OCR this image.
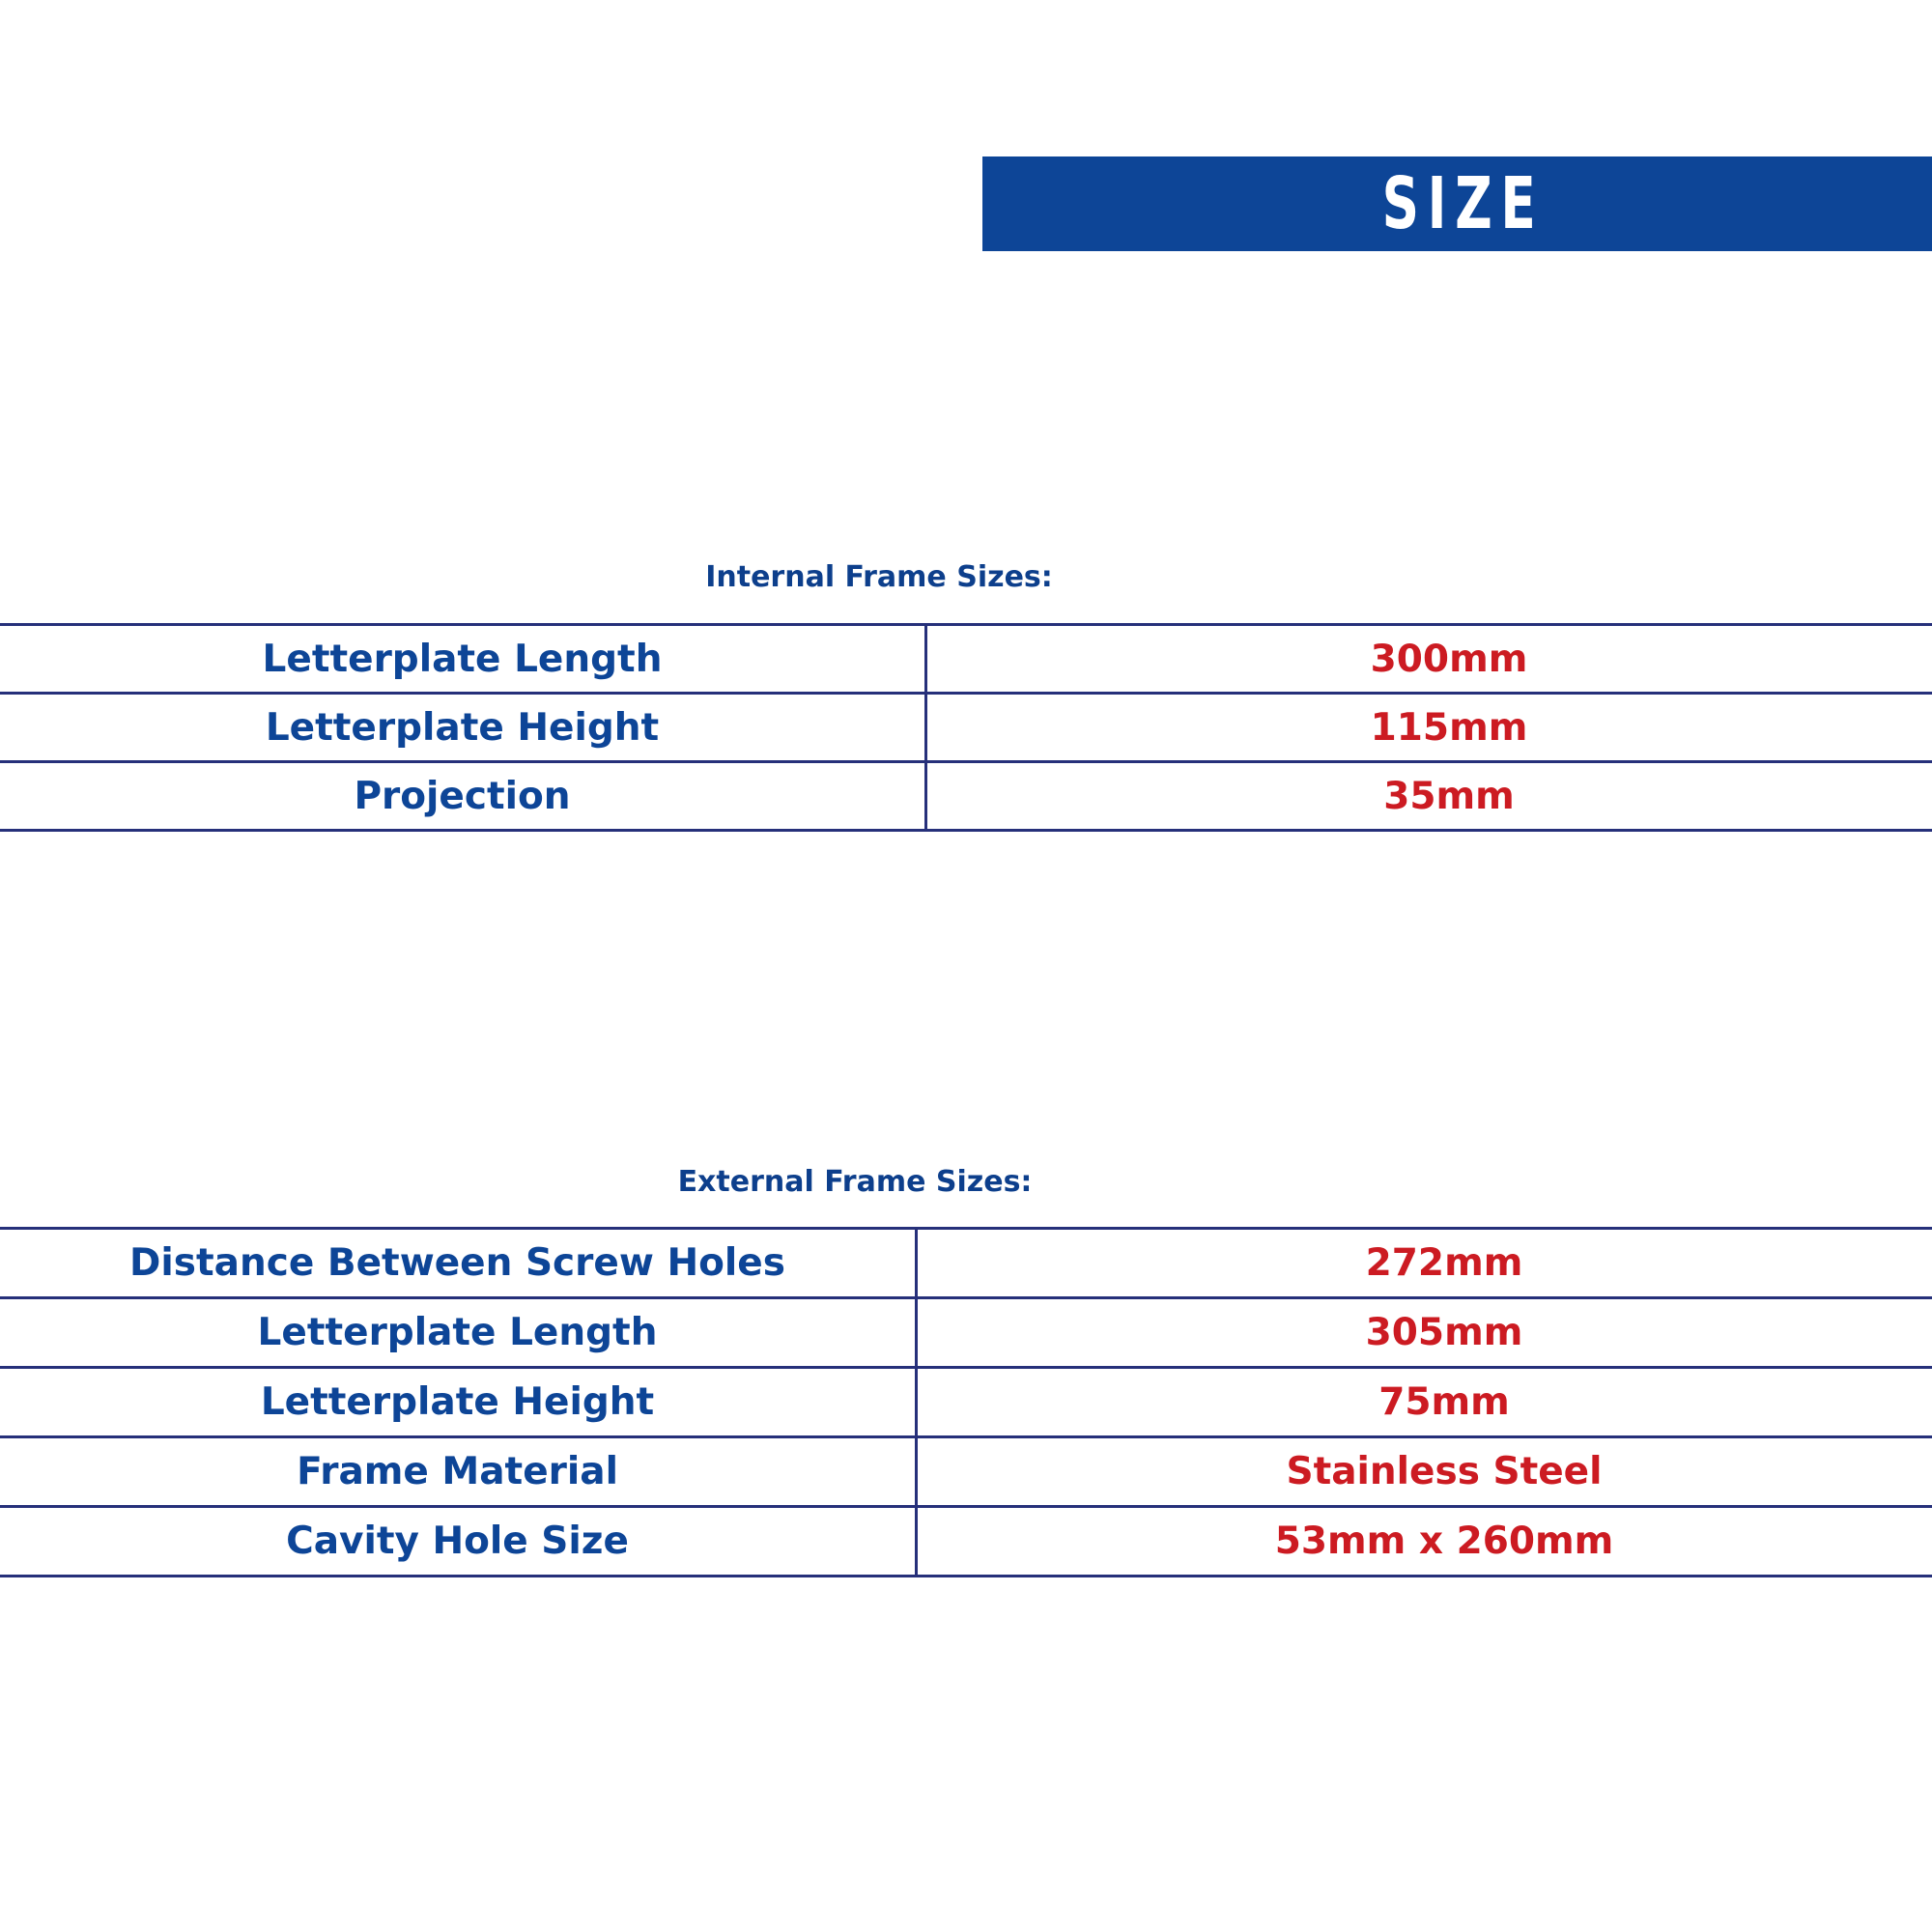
SIZE
Internal Frame Sizes:
Letterplate Length	300mm
Letterplate Height	115mm
Projection	35mm
External Frame Sizes:
Distance Between Screw Holes	272mm
Letterplate Length	305mm
Letterplate Height	75mm
Frame Material	Stainless Steel
Cavity Hole Size	53mm x 260mm
